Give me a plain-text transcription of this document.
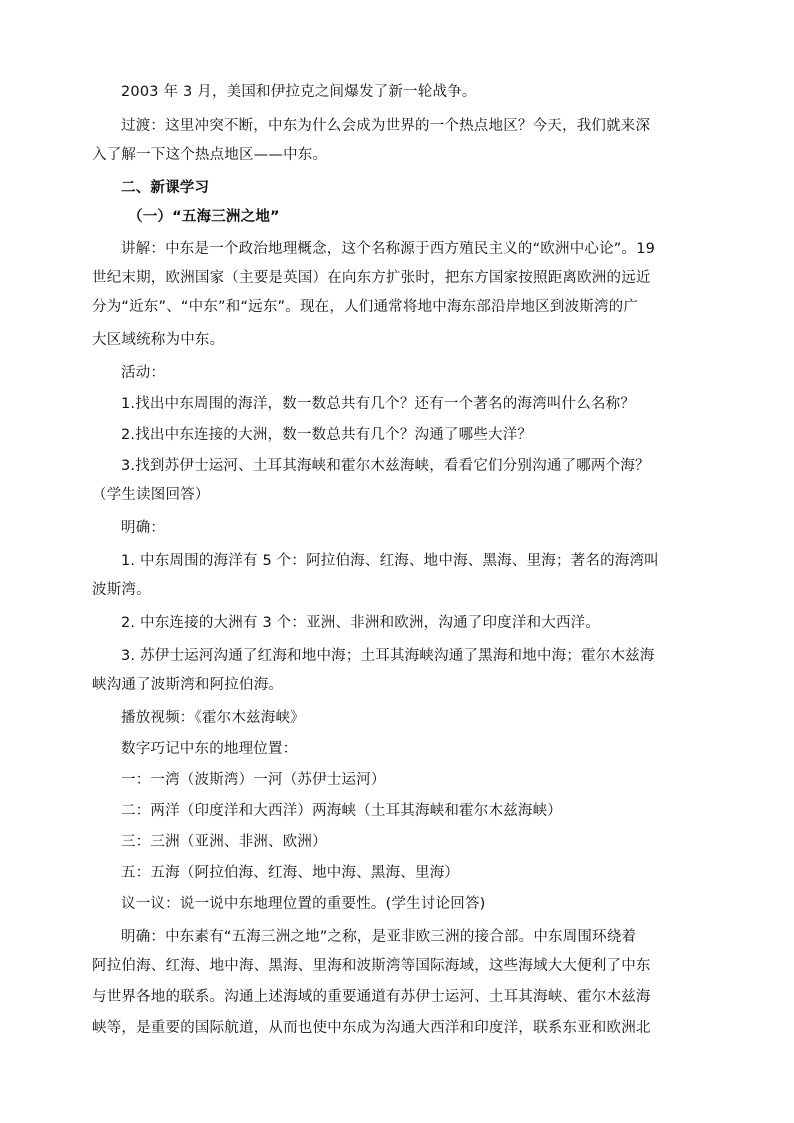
2003 年 3 月，美国和伊拉克之间爆发了新一轮战争。
过渡：这里冲突不断，中东为什么会成为世界的一个热点地区？今天，我们就来深
入了解一下这个热点地区——中东。
二、新课学习
（一）“五海三洲之地”
讲解：中东是一个政治地理概念，这个名称源于西方殖民主义的“欧洲中心论”。19
世纪末期，欧洲国家（主要是英国）在向东方扩张时，把东方国家按照距离欧洲的远近
分为“近东”、“中东”和“远东”。现在，人们通常将地中海东部沿岸地区到波斯湾的广
大区域统称为中东。
活动：
1.找出中东周围的海洋，数一数总共有几个？还有一个著名的海湾叫什么名称？
2.找出中东连接的大洲，数一数总共有几个？沟通了哪些大洋？
3.找到苏伊士运河、土耳其海峡和霍尔木兹海峡，看看它们分别沟通了哪两个海？
（学生读图回答）
明确：
1. 中东周围的海洋有 5 个：阿拉伯海、红海、地中海、黑海、里海；著名的海湾叫
波斯湾。
2. 中东连接的大洲有 3 个：亚洲、非洲和欧洲，沟通了印度洋和大西洋。
3. 苏伊士运河沟通了红海和地中海；土耳其海峡沟通了黑海和地中海；霍尔木兹海
峡沟通了波斯湾和阿拉伯海。
播放视频：《霍尔木兹海峡》
数字巧记中东的地理位置：
一：一湾（波斯湾）一河（苏伊士运河）
二：两洋（印度洋和大西洋）两海峡（土耳其海峡和霍尔木兹海峡）
三：三洲（亚洲、非洲、欧洲）
五：五海（阿拉伯海、红海、地中海、黑海、里海）
议一议：说一说中东地理位置的重要性。(学生讨论回答)
明确：中东素有“五海三洲之地”之称，是亚非欧三洲的接合部。中东周围环绕着
阿拉伯海、红海、地中海、黑海、里海和波斯湾等国际海域，这些海域大大便利了中东
与世界各地的联系。沟通上述海域的重要通道有苏伊士运河、土耳其海峡、霍尔木兹海
峡等，是重要的国际航道，从而也使中东成为沟通大西洋和印度洋，联系东亚和欧洲北
